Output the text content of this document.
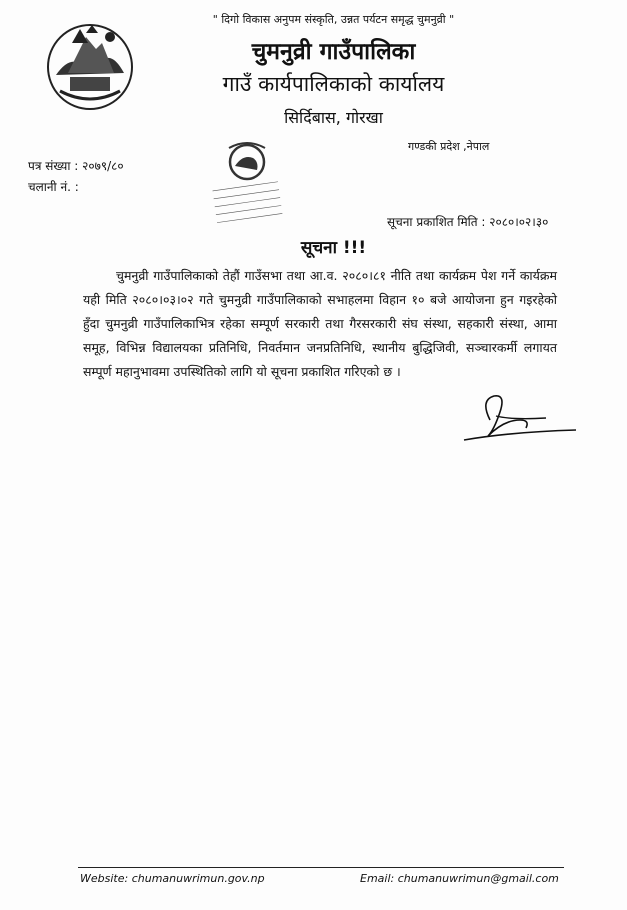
" दिगो विकास अनुपम संस्कृति, उन्नत पर्यटन समृद्ध चुमनुव्री "
चुमनुव्री गाउँपालिका
गाउँ कार्यपालिकाको कार्यालय
सिर्दिबास, गोरखा
गण्डकी प्रदेश ,नेपाल
पत्र संख्या : २०७९/८०
चलानी नं. :
सूचना प्रकाशित मिति : २०८०।०२।३०
सूचना !!!
चुमनुव्री गाउँपालिकाको तेहौं गाउँसभा तथा आ.व. २०८०।८१ नीति तथा कार्यक्रम पेश गर्ने कार्यक्रम यही मिति २०८०।०३।०२ गते चुमनुव्री गाउँपालिकाको सभाहलमा विहान १० बजे आयोजना हुन गइरहेको हुँदा चुमनुव्री गाउँपालिकाभित्र रहेका सम्पूर्ण सरकारी तथा गैरसरकारी संघ संस्था, सहकारी संस्था, आमा समूह, विभिन्न विद्यालयका प्रतिनिधि, निवर्तमान जनप्रतिनिधि, स्थानीय बुद्धिजिवी, सञ्चारकर्मी लगायत सम्पूर्ण महानुभावमा उपस्थितिको लागि यो सूचना प्रकाशित गरिएको छ ।
Website: chumanuwrimun.gov.np	Email: chumanuwrimun@gmail.com
